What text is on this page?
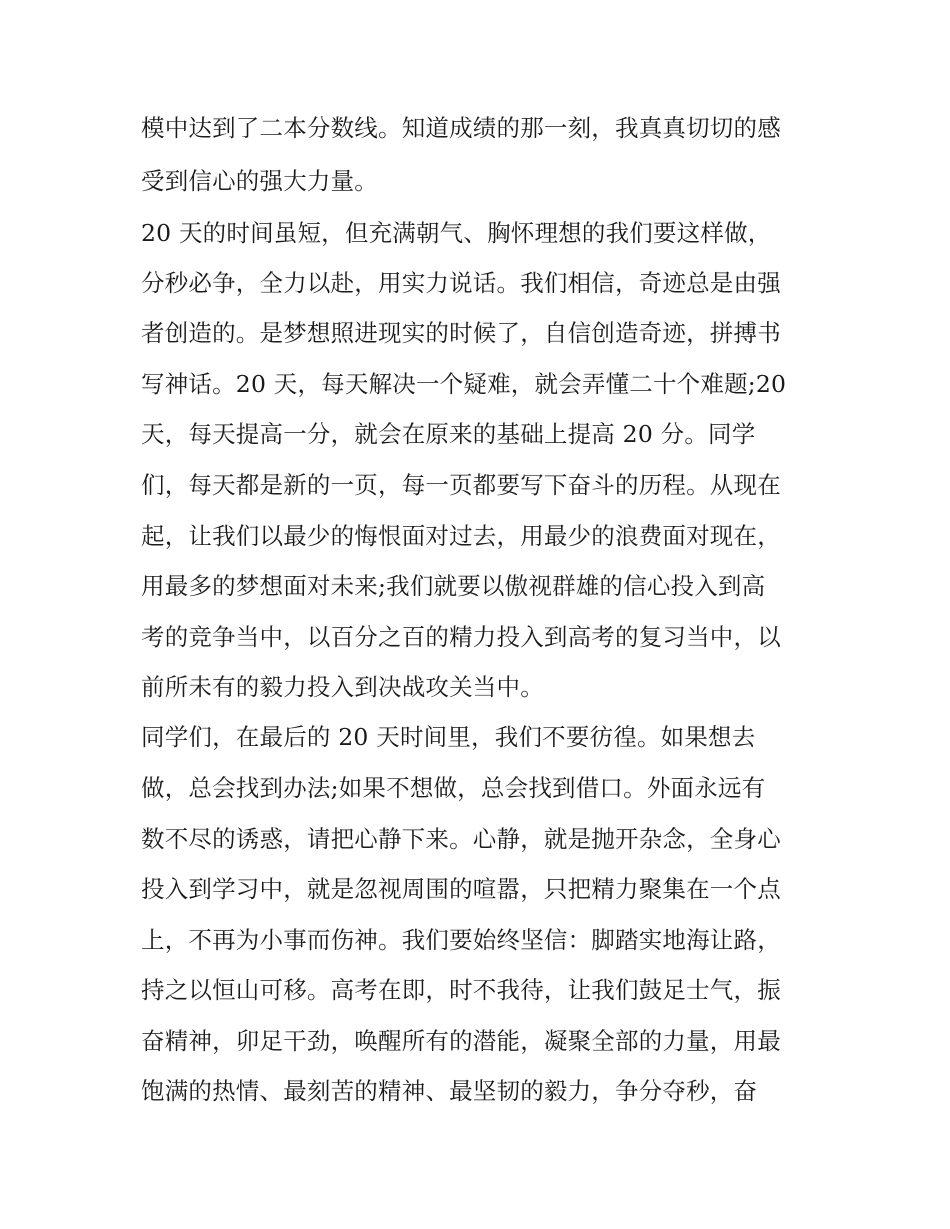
模中达到了二本分数线。知道成绩的那一刻，我真真切切的感
受到信心的强大力量。
20 天的时间虽短，但充满朝气、胸怀理想的我们要这样做，
分秒必争，全力以赴，用实力说话。我们相信，奇迹总是由强
者创造的。是梦想照进现实的时候了，自信创造奇迹，拼搏书
写神话。20 天，每天解决一个疑难，就会弄懂二十个难题;20
天，每天提高一分，就会在原来的基础上提高 20 分。同学
们，每天都是新的一页，每一页都要写下奋斗的历程。从现在
起，让我们以最少的悔恨面对过去，用最少的浪费面对现在，
用最多的梦想面对未来;我们就要以傲视群雄的信心投入到高
考的竞争当中，以百分之百的精力投入到高考的复习当中，以
前所未有的毅力投入到决战攻关当中。
同学们，在最后的 20 天时间里，我们不要彷徨。如果想去
做，总会找到办法;如果不想做，总会找到借口。外面永远有
数不尽的诱惑，请把心静下来。心静，就是抛开杂念，全身心
投入到学习中，就是忽视周围的喧嚣，只把精力聚集在一个点
上，不再为小事而伤神。我们要始终坚信：脚踏实地海让路，
持之以恒山可移。高考在即，时不我待，让我们鼓足士气，振
奋精神，卯足干劲，唤醒所有的潜能，凝聚全部的力量，用最
饱满的热情、最刻苦的精神、最坚韧的毅力，争分夺秒，奋
